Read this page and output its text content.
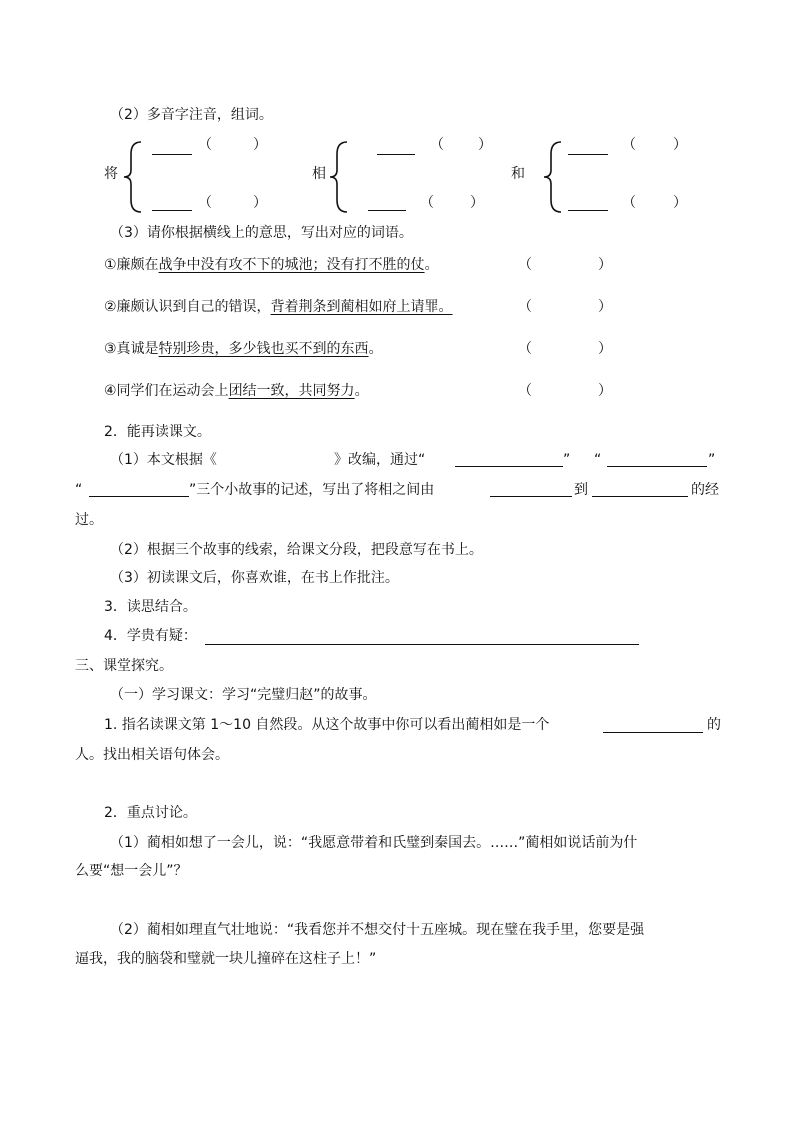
（2）多音字注音，组词。
将
（	）
（	）
相
（ ）
（	）
和
（	）
（	）
（3）请你根据横线上的意思，写出对应的词语。
①廉颇在战争中没有攻不下的城池；没有打不胜的仗。	（	）
②廉颇认识到自己的错误，背着荆条到蔺相如府上请罪。	（	）
③真诚是特别珍贵，多少钱也买不到的东西。	（	）
④同学们在运动会上团结一致，共同努力。	（	）
2．能再读课文。
（1）本文根据《	》改编，通过“	” “	”
“	”三个小故事的记述，写出了将相之间由	到	的经
过。
（2）根据三个故事的线索，给课文分段，把段意写在书上。
（3）初读课文后，你喜欢谁，在书上作批注。
3．读思结合。
4．学贵有疑：
三、课堂探究。
（一）学习课文：学习“完璧归赵”的故事。
1. 指名读课文第 1～10 自然段。从这个故事中你可以看出蔺相如是一个	的
人。找出相关语句体会。
2．重点讨论。
（1）蔺相如想了一会儿，说：“我愿意带着和氏璧到秦国去。……”蔺相如说话前为什
么要“想一会儿”？
（2）蔺相如理直气壮地说：“我看您并不想交付十五座城。现在璧在我手里，您要是强
逼我，我的脑袋和璧就一块儿撞碎在这柱子上！”
